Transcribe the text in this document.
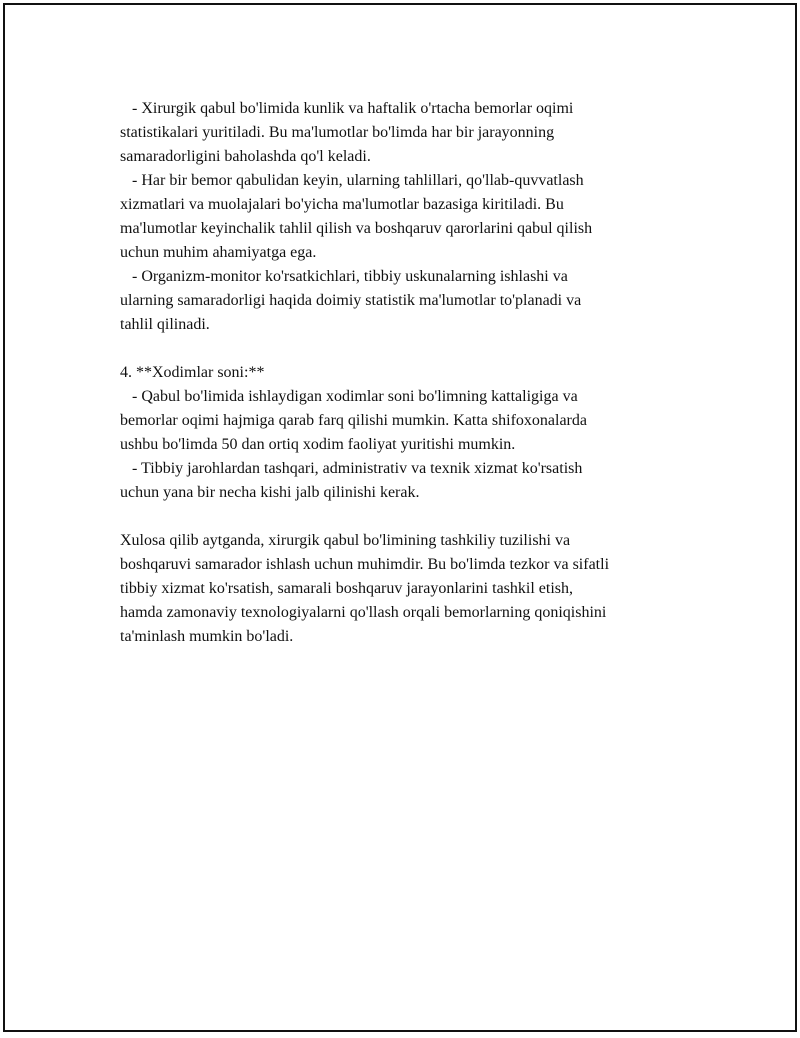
- Xirurgik qabul bo'limida kunlik va haftalik o'rtacha bemorlar oqimi

statistikalari yuritiladi. Bu ma'lumotlar bo'limda har bir jarayonning

samaradorligini baholashda qo'l keladi.

- Har bir bemor qabulidan keyin, ularning tahlillari, qo'llab-quvvatlash

xizmatlari va muolajalari bo'yicha ma'lumotlar bazasiga kiritiladi. Bu

ma'lumotlar keyinchalik tahlil qilish va boshqaruv qarorlarini qabul qilish

uchun muhim ahamiyatga ega.

- Organizm-monitor ko'rsatkichlari, tibbiy uskunalarning ishlashi va

ularning samaradorligi haqida doimiy statistik ma'lumotlar to'planadi va

tahlil qilinadi.

4. **Xodimlar soni:**

- Qabul bo'limida ishlaydigan xodimlar soni bo'limning kattaligiga va

bemorlar oqimi hajmiga qarab farq qilishi mumkin. Katta shifoxonalarda

ushbu bo'limda 50 dan ortiq xodim faoliyat yuritishi mumkin.

- Tibbiy jarohlardan tashqari, administrativ va texnik xizmat ko'rsatish

uchun yana bir necha kishi jalb qilinishi kerak.

Xulosa qilib aytganda, xirurgik qabul bo'limining tashkiliy tuzilishi va

boshqaruvi samarador ishlash uchun muhimdir. Bu bo'limda tezkor va sifatli

tibbiy xizmat ko'rsatish, samarali boshqaruv jarayonlarini tashkil etish,

hamda zamonaviy texnologiyalarni qo'llash orqali bemorlarning qoniqishini

ta'minlash mumkin bo'ladi.
